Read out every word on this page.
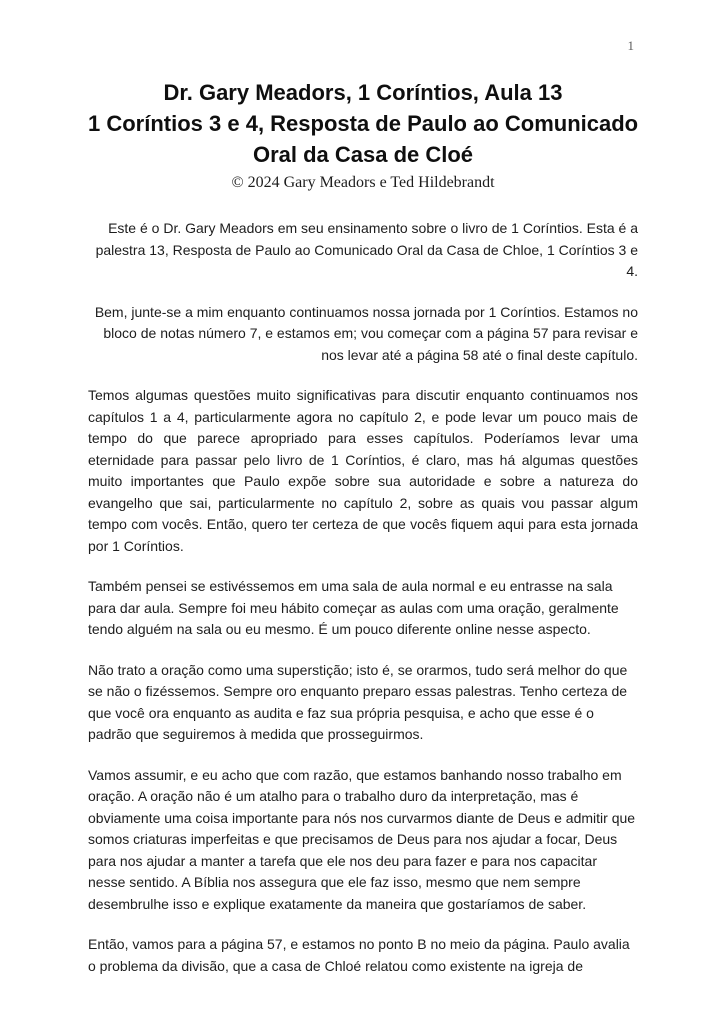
1
Dr. Gary Meadors, 1 Coríntios, Aula 13
1 Coríntios 3 e 4, Resposta de Paulo ao Comunicado
Oral da Casa de Cloé
© 2024 Gary Meadors e Ted Hildebrandt

Este é o Dr. Gary Meadors em seu ensinamento sobre o livro de 1 Coríntios. Esta é a palestra 13, Resposta de Paulo ao Comunicado Oral da Casa de Chloe, 1 Coríntios 3 e 4.

Bem, junte-se a mim enquanto continuamos nossa jornada por 1 Coríntios. Estamos no bloco de notas número 7, e estamos em; vou começar com a página 57 para revisar e nos levar até a página 58 até o final deste capítulo.

Temos algumas questões muito significativas para discutir enquanto continuamos nos capítulos 1 a 4, particularmente agora no capítulo 2, e pode levar um pouco mais de tempo do que parece apropriado para esses capítulos. Poderíamos levar uma eternidade para passar pelo livro de 1 Coríntios, é claro, mas há algumas questões muito importantes que Paulo expõe sobre sua autoridade e sobre a natureza do evangelho que sai, particularmente no capítulo 2, sobre as quais vou passar algum tempo com vocês. Então, quero ter certeza de que vocês fiquem aqui para esta jornada por 1 Coríntios.

Também pensei se estivéssemos em uma sala de aula normal e eu entrasse na sala para dar aula. Sempre foi meu hábito começar as aulas com uma oração, geralmente tendo alguém na sala ou eu mesmo. É um pouco diferente online nesse aspecto.

Não trato a oração como uma superstição; isto é, se orarmos, tudo será melhor do que se não o fizéssemos. Sempre oro enquanto preparo essas palestras. Tenho certeza de que você ora enquanto as audita e faz sua própria pesquisa, e acho que esse é o padrão que seguiremos à medida que prosseguirmos.

Vamos assumir, e eu acho que com razão, que estamos banhando nosso trabalho em oração. A oração não é um atalho para o trabalho duro da interpretação, mas é obviamente uma coisa importante para nós nos curvarmos diante de Deus e admitir que somos criaturas imperfeitas e que precisamos de Deus para nos ajudar a focar, Deus para nos ajudar a manter a tarefa que ele nos deu para fazer e para nos capacitar nesse sentido. A Bíblia nos assegura que ele faz isso, mesmo que nem sempre desembrulhe isso e explique exatamente da maneira que gostaríamos de saber.

Então, vamos para a página 57, e estamos no ponto B no meio da página. Paulo avalia o problema da divisão, que a casa de Chloé relatou como existente na igreja de
